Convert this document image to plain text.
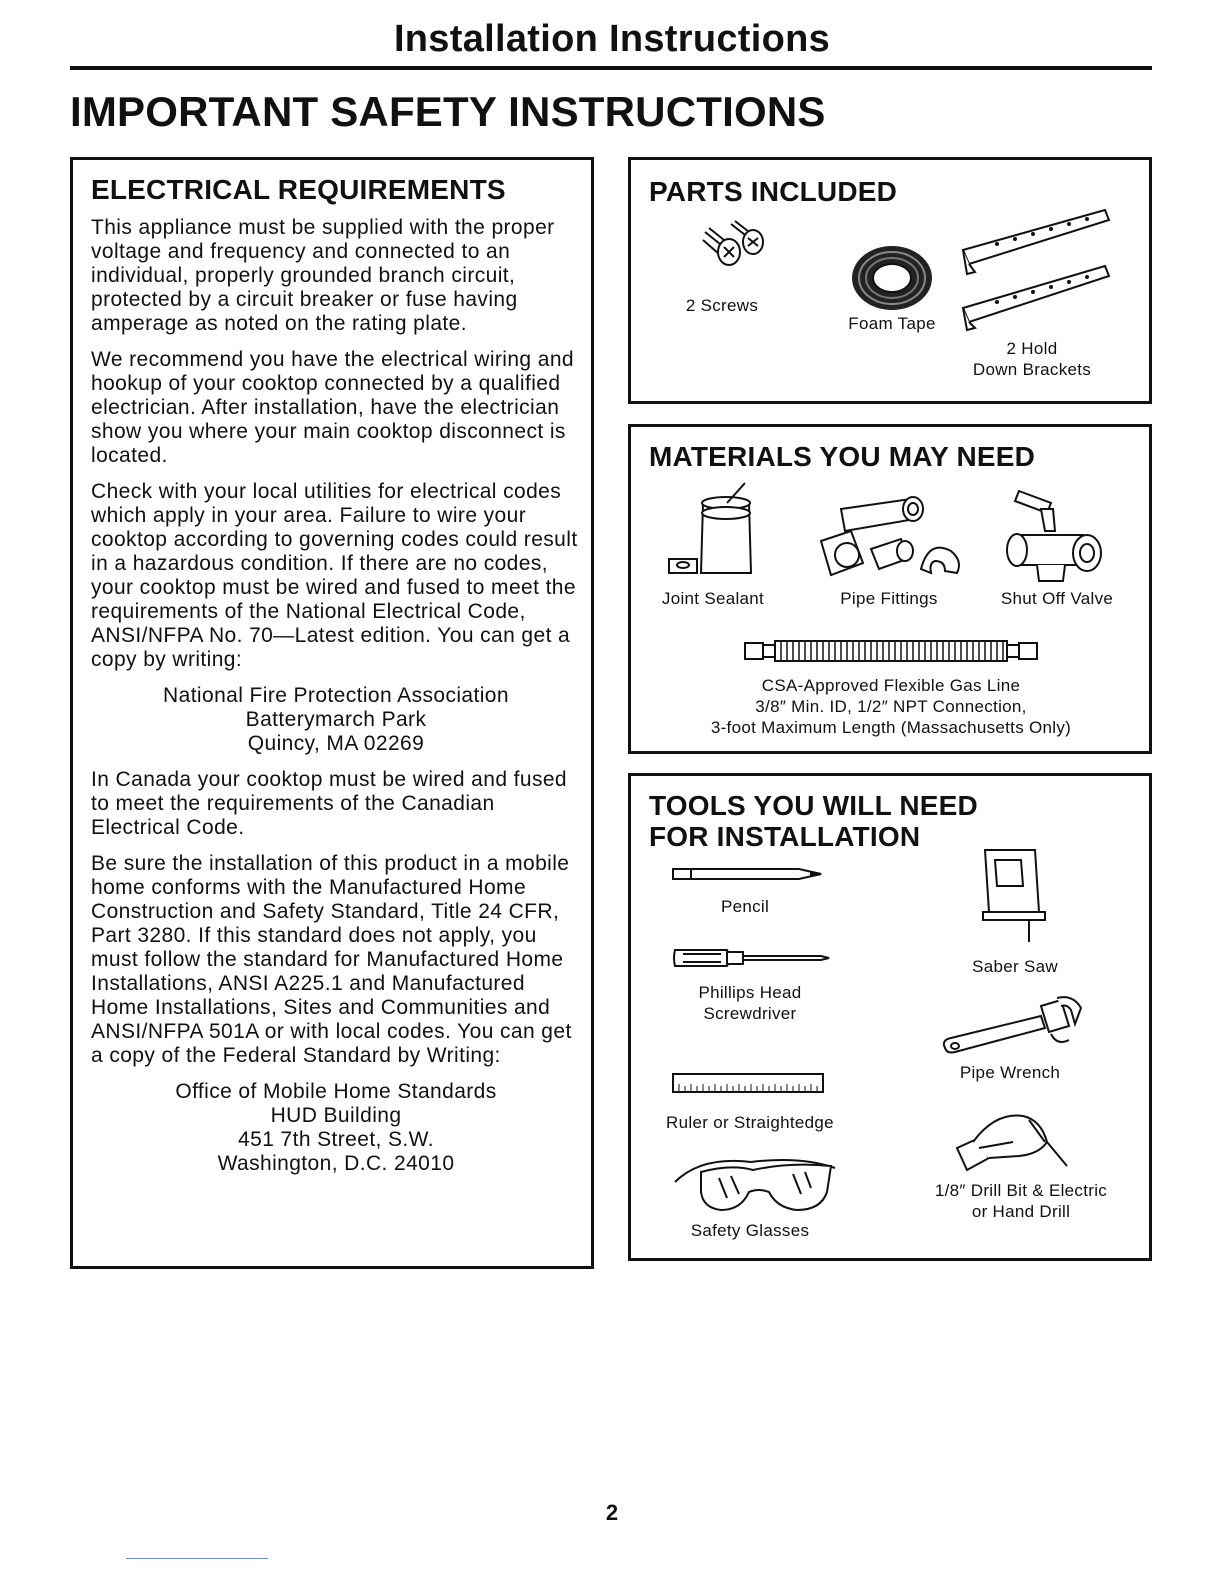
Installation Instructions
IMPORTANT SAFETY INSTRUCTIONS
ELECTRICAL REQUIREMENTS

This appliance must be supplied with the proper voltage and frequency and connected to an individual, properly grounded branch circuit, protected by a circuit breaker or fuse having amperage as noted on the rating plate.

We recommend you have the electrical wiring and hookup of your cooktop connected by a qualified electrician. After installation, have the electrician show you where your main cooktop disconnect is located.

Check with your local utilities for electrical codes which apply in your area. Failure to wire your cooktop according to governing codes could result in a hazardous condition. If there are no codes, your cooktop must be wired and fused to meet the requirements of the National Electrical Code, ANSI/NFPA No. 70—Latest edition. You can get a copy by writing:

National Fire Protection Association
Batterymarch Park
Quincy, MA 02269

In Canada your cooktop must be wired and fused to meet the requirements of the Canadian Electrical Code.

Be sure the installation of this product in a mobile home conforms with the Manufactured Home Construction and Safety Standard, Title 24 CFR, Part 3280. If this standard does not apply, you must follow the standard for Manufactured Home Installations, ANSI A225.1 and Manufactured Home Installations, Sites and Communities and ANSI/NFPA 501A or with local codes. You can get a copy of the Federal Standard by Writing:

Office of Mobile Home Standards
HUD Building
451 7th Street, S.W.
Washington, D.C. 24010
PARTS INCLUDED
2 Screws
Foam Tape
2 Hold
Down Brackets
MATERIALS YOU MAY NEED
Joint Sealant	Pipe Fittings	Shut Off Valve
CSA-Approved Flexible Gas Line
3/8″ Min. ID, 1/2″ NPT Connection,
3-foot Maximum Length (Massachusetts Only)
TOOLS YOU WILL NEED
FOR INSTALLATION
Pencil
Phillips Head
Screwdriver
Ruler or Straightedge
Safety Glasses
Saber Saw
Pipe Wrench
1/8″ Drill Bit & Electric
or Hand Drill
2
